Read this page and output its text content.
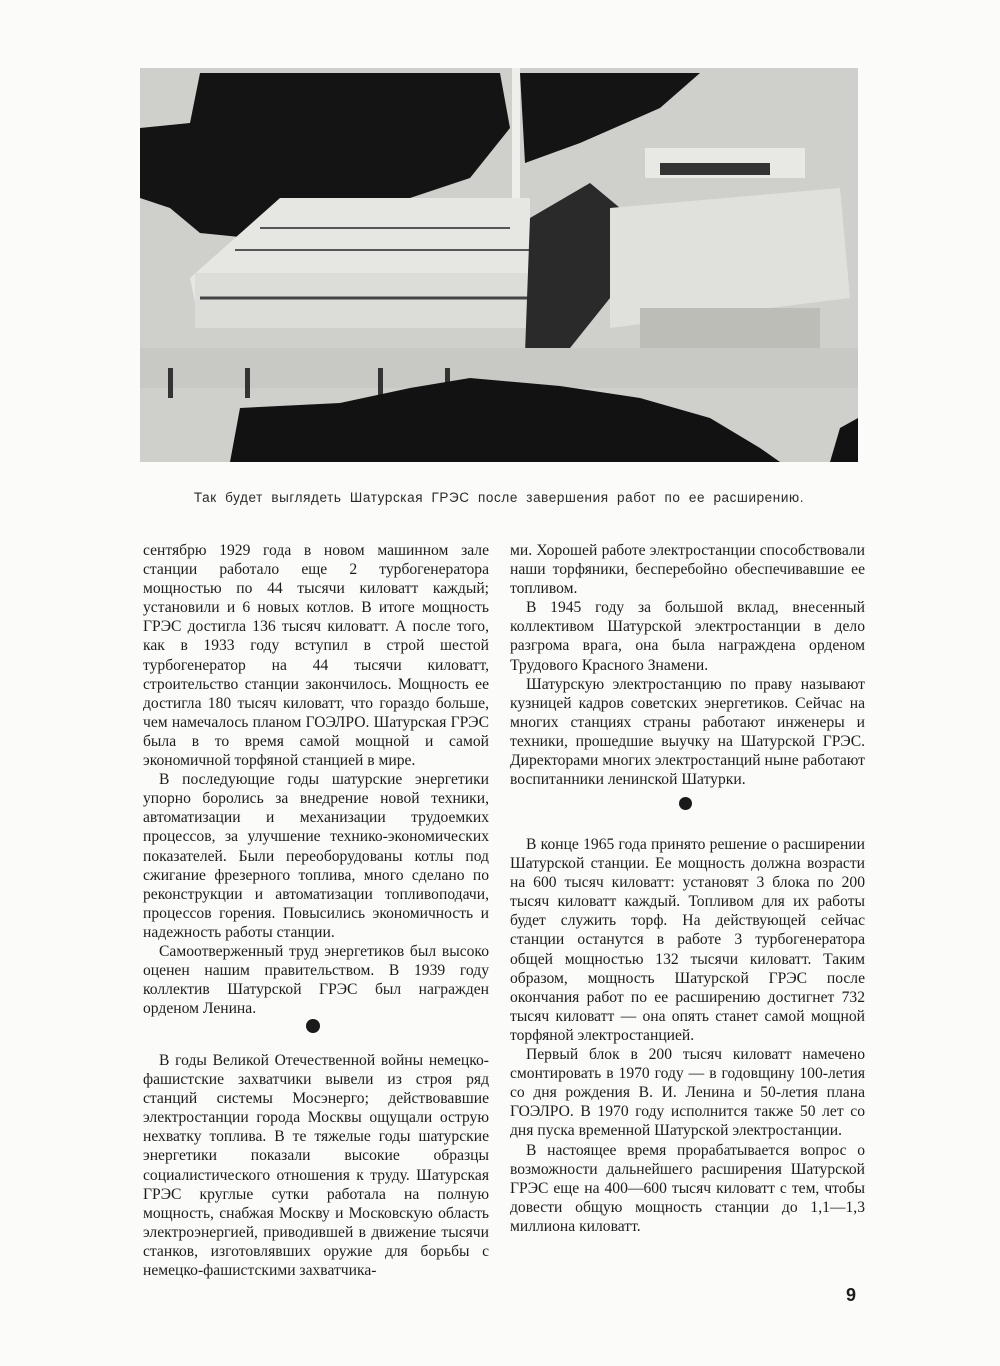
Так будет выглядеть Шатурская ГРЭС после завершения работ по ее расширению.

сентябрю 1929 года в новом машинном зале станции работало еще 2 турбогенератора мощностью по 44 тысячи киловатт каждый; установили и 6 новых котлов. В итоге мощность ГРЭС достигла 136 тысяч киловатт. А после того, как в 1933 году вступил в строй шестой турбогенератор на 44 тысячи киловатт, строительство станции закончилось. Мощность ее достигла 180 тысяч киловатт, что гораздо больше, чем намечалось планом ГОЭЛРО. Шатурская ГРЭС была в то время самой мощной и самой экономичной торфяной станцией в мире.

В последующие годы шатурские энергетики упорно боролись за внедрение новой техники, автоматизации и механизации трудоемких процессов, за улучшение технико-экономических показателей. Были переоборудованы котлы под сжигание фрезерного топлива, много сделано по реконструкции и автоматизации топливоподачи, процессов горения. Повысились экономичность и надежность работы станции.

Самоотверженный труд энергетиков был высоко оценен нашим правительством. В 1939 году коллектив Шатурской ГРЭС был награжден орденом Ленина.

В годы Великой Отечественной войны немецко-фашистские захватчики вывели из строя ряд станций системы Мосэнерго; действовавшие электростанции города Москвы ощущали острую нехватку топлива. В те тяжелые годы шатурские энергетики показали высокие образцы социалистического отношения к труду. Шатурская ГРЭС круглые сутки работала на полную мощность, снабжая Москву и Московскую область электроэнергией, приводившей в движение тысячи станков, изготовлявших оружие для борьбы с немецко-фашистскими захватчика-

ми. Хорошей работе электростанции способствовали наши торфяники, бесперебойно обеспечивавшие ее топливом.

В 1945 году за большой вклад, внесенный коллективом Шатурской электростанции в дело разгрома врага, она была награждена орденом Трудового Красного Знамени.

Шатурскую электростанцию по праву называют кузницей кадров советских энергетиков. Сейчас на многих станциях страны работают инженеры и техники, прошедшие выучку на Шатурской ГРЭС. Директорами многих электростанций ныне работают воспитанники ленинской Шатурки.

В конце 1965 года принято решение о расширении Шатурской станции. Ее мощность должна возрасти на 600 тысяч киловатт: установят 3 блока по 200 тысяч киловатт каждый. Топливом для их работы будет служить торф. На действующей сейчас станции останутся в работе 3 турбогенератора общей мощностью 132 тысячи киловатт. Таким образом, мощность Шатурской ГРЭС после окончания работ по ее расширению достигнет 732 тысяч киловатт — она опять станет самой мощной торфяной электростанцией.

Первый блок в 200 тысяч киловатт намечено смонтировать в 1970 году — в годовщину 100-летия со дня рождения В. И. Ленина и 50-летия плана ГОЭЛРО. В 1970 году исполнится также 50 лет со дня пуска временной Шатурской электростанции.

В настоящее время прорабатывается вопрос о возможности дальнейшего расширения Шатурской ГРЭС еще на 400—600 тысяч киловатт с тем, чтобы довести общую мощность станции до 1,1—1,3 миллиона киловатт.

9
